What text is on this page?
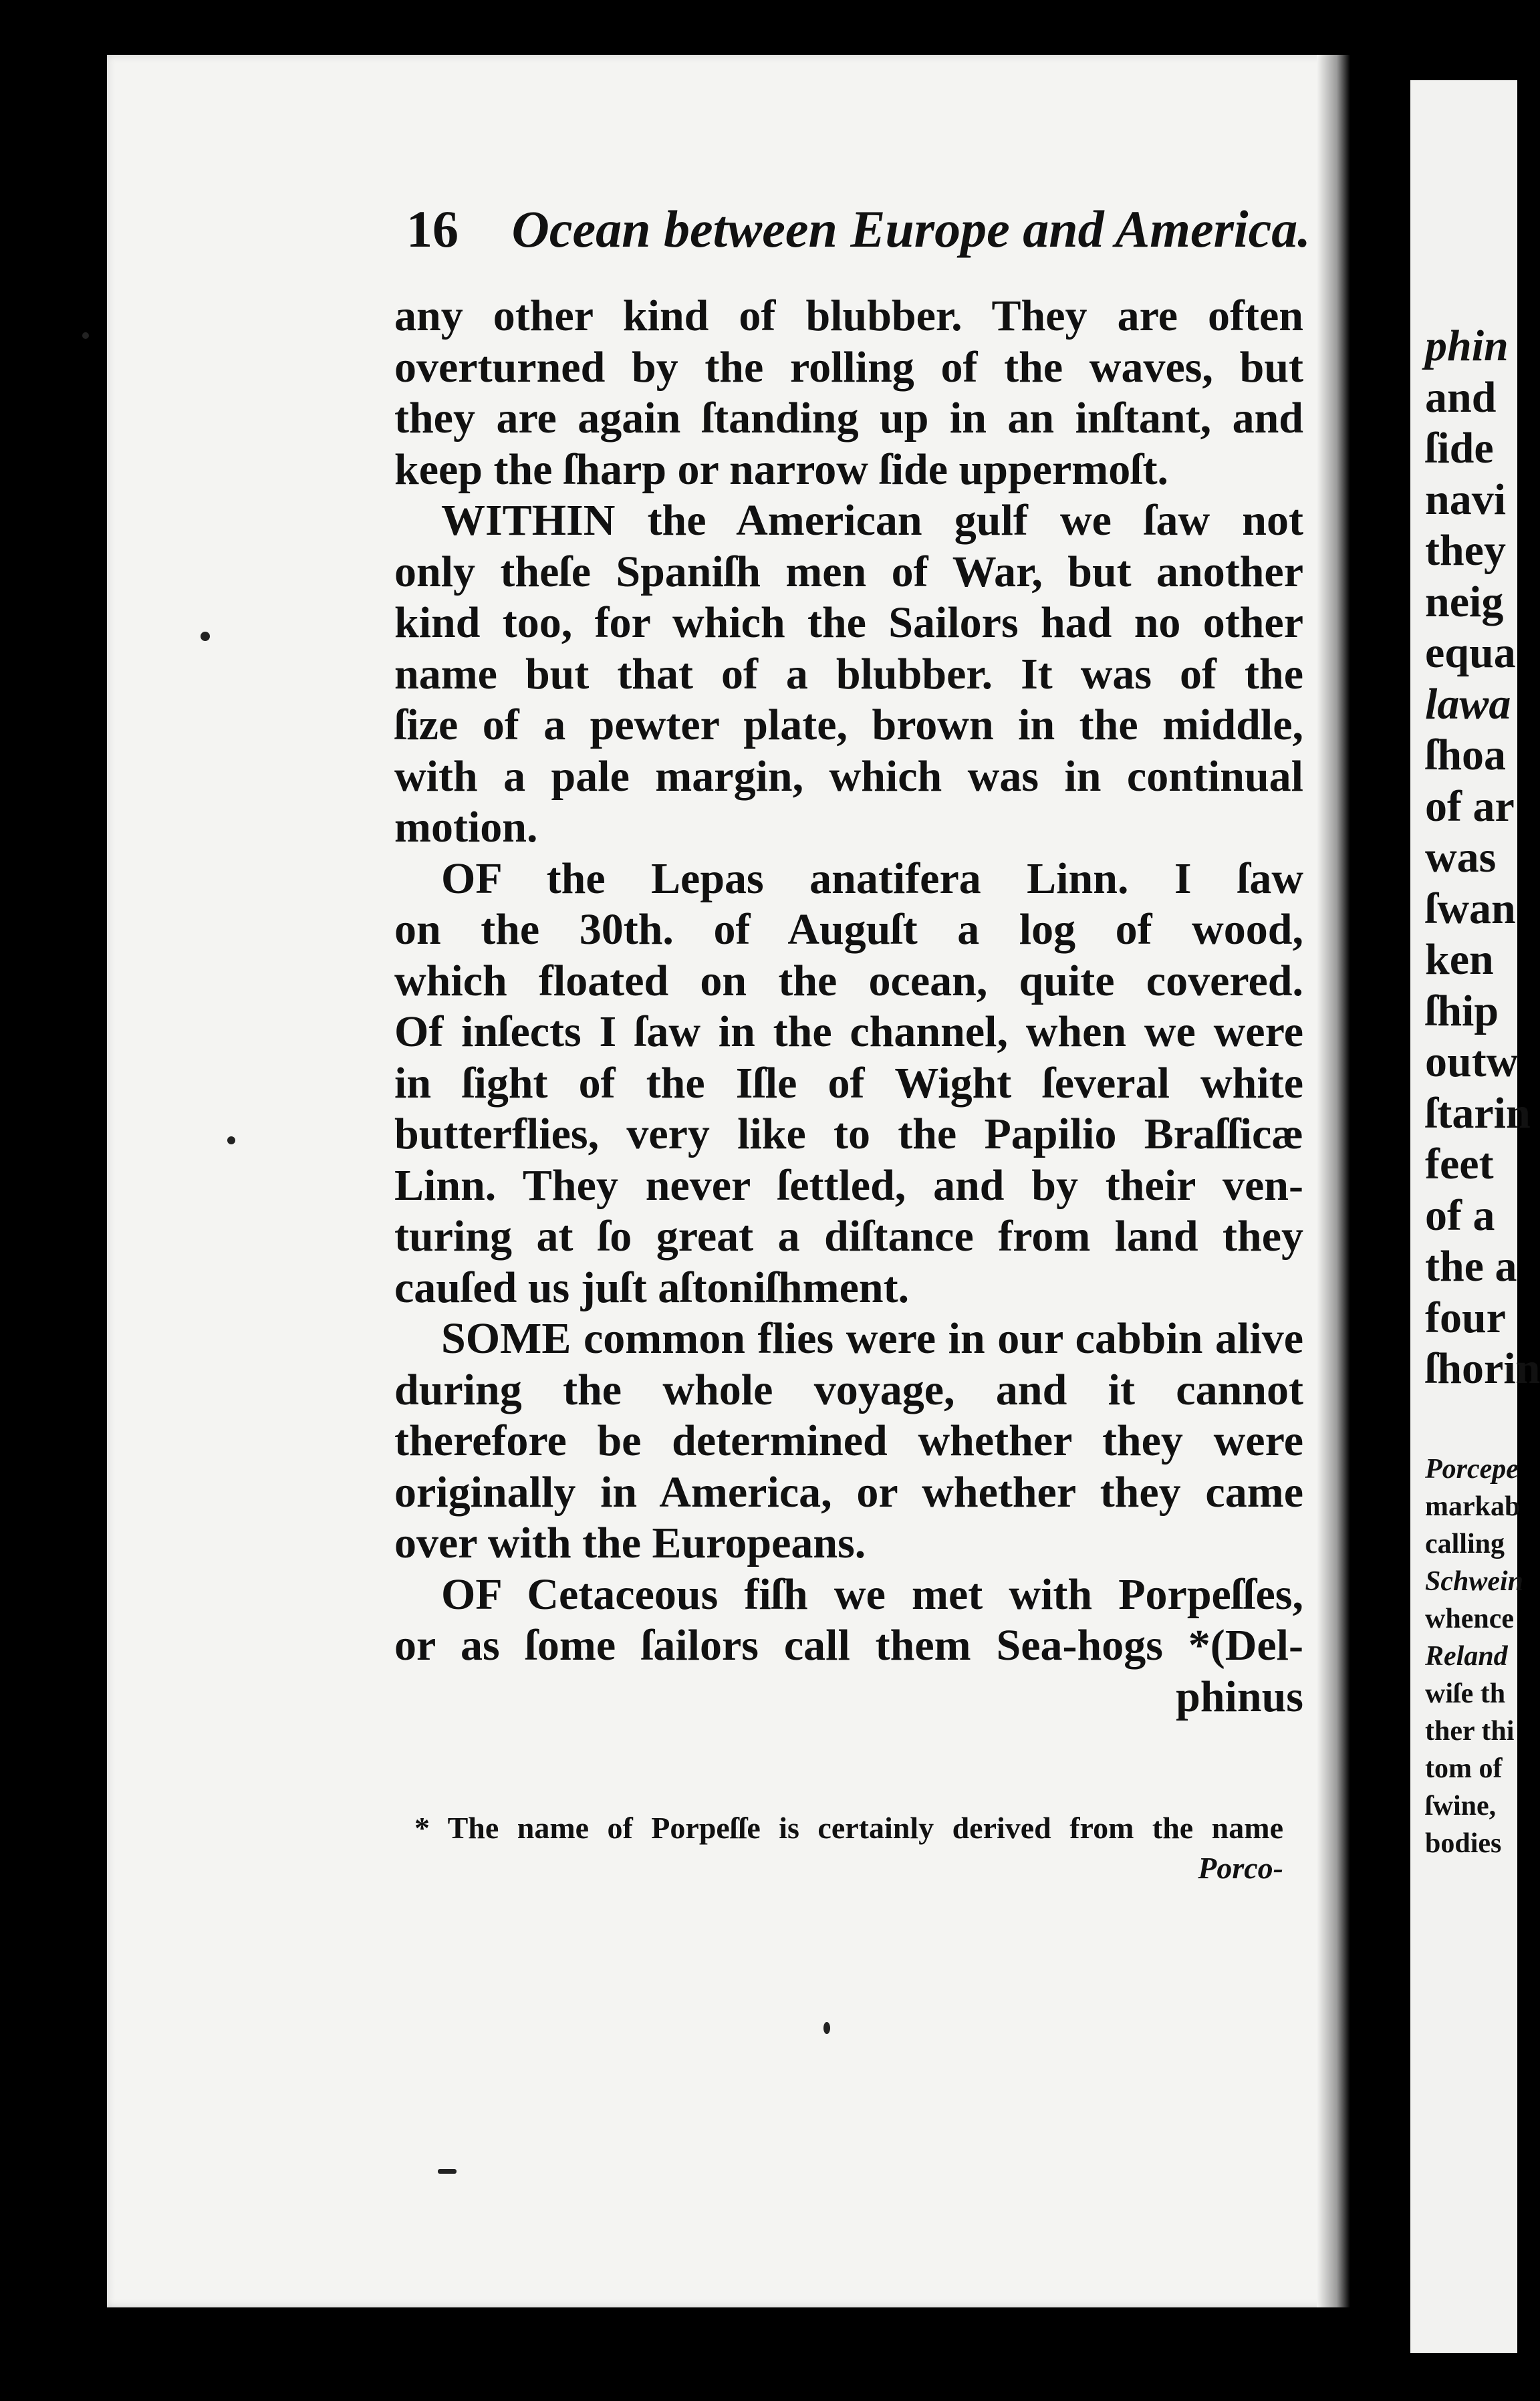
16 Ocean between Europe and America.
any other kind of blubber. They are often
overturned by the rolling of the waves, but
they are again ſtanding up in an inſtant, and
keep the ſharp or narrow ſide uppermoſt.
WITHIN the American gulf we ſaw not
only theſe Spaniſh men of War, but another
kind too, for which the Sailors had no other
name but that of a blubber. It was of the
ſize of a pewter plate, brown in the middle,
with a pale margin, which was in continual
motion.
OF the Lepas anatifera Linn. I ſaw
on the 30th. of Auguſt a log of wood,
which floated on the ocean, quite covered.
Of inſects I ſaw in the channel, when we were
in ſight of the Iſle of Wight ſeveral white
butterflies, very like to the Papilio Braſſicæ
Linn. They never ſettled, and by their ven-
turing at ſo great a diſtance from land they
cauſed us juſt aſtoniſhment.
SOME common flies were in our cabbin alive
during the whole voyage, and it cannot
therefore be determined whether they were
originally in America, or whether they came
over with the Europeans.
OF Cetaceous fiſh we met with Porpeſſes,
or as ſome ſailors call them Sea-hogs *(Del-
phinus
* The name of Porpeſſe is certainly derived from the name
Porco-
phin
and
ſide
navi
they
neig
equa
lawa
ſhoa
of ar
was
ſwan
ken
ſhip
outw
ſtarin
feet
of a
the a
four
ſhorin
Porcepe
markab
calling
Schwein
whence
Reland
wiſe th
ther thi
tom of
ſwine,
bodies
